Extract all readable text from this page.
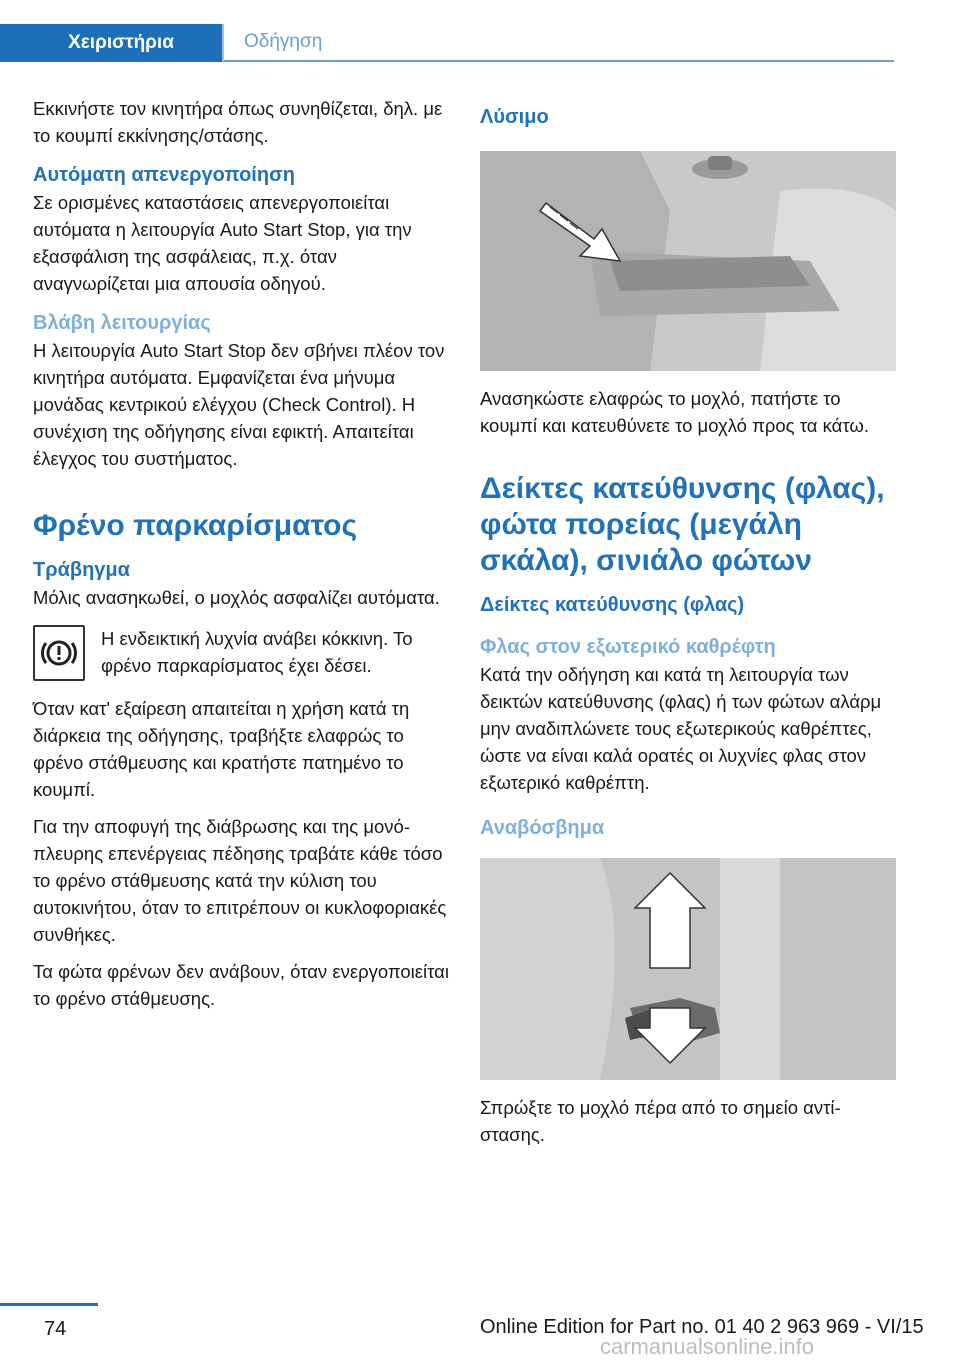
Χειριστήρια	Οδήγηση

Εκκινήστε τον κινητήρα όπως συνηθίζεται, δηλ. με το κουμπί εκκίνησης/στάσης.

Αυτόματη απενεργοποίηση

Σε ορισμένες καταστάσεις απενεργοποιείται αυτόματα η λειτουργία Auto Start Stop, για την εξασφάλιση της ασφάλειας, π.χ. όταν αναγνωρίζεται μια απουσία οδηγού.

Βλάβη λειτουργίας

Η λειτουργία Auto Start Stop δεν σβήνει πλέον τον κινητήρα αυτόματα. Εμφανίζεται ένα μήνυμα μονάδας κεντρικού ελέγχου (Check Control). Η συνέχιση της οδήγησης είναι εφικτή. Απαιτείται έλεγχος του συστήματος.

Φρένο παρκαρίσματος
Τράβηγμα

Μόλις ανασηκωθεί, ο μοχλός ασφαλίζει αυτόματα.

Η ενδεικτική λυχνία ανάβει κόκκινη. Το φρένο παρκαρίσματος έχει δέσει.

Όταν κατ' εξαίρεση απαιτείται η χρήση κατά τη διάρκεια της οδήγησης, τραβήξτε ελαφρώς το φρένο στάθμευσης και κρατήστε πατημένο το κουμπί.

Για την αποφυγή της διάβρωσης και της μονόπλευρης επενέργειας πέδησης τραβάτε κάθε τόσο το φρένο στάθμευσης κατά την κύλιση του αυτοκινήτου, όταν το επιτρέπουν οι κυκλοφοριακές συνθήκες.

Τα φώτα φρένων δεν ανάβουν, όταν ενεργοποιείται το φρένο στάθμευσης.

Λύσιμο

Ανασηκώστε ελαφρώς το μοχλό, πατήστε το κουμπί και κατευθύνετε το μοχλό προς τα κάτω.

Δείκτες κατεύθυνσης (φλας), φώτα πορείας (μεγάλη σκάλα), σινιάλο φώτων
Δείκτες κατεύθυνσης (φλας)
Φλας στον εξωτερικό καθρέφτη

Κατά την οδήγηση και κατά τη λειτουργία των δεικτών κατεύθυνσης (φλας) ή των φώτων αλάρμ μην αναδιπλώνετε τους εξωτερικούς καθρέπτες, ώστε να είναι καλά ορατές οι λυχνίες φλας στον εξωτερικό καθρέπτη.

Αναβόσβημα

Σπρώξτε το μοχλό πέρα από το σημείο αντίστασης.

74	Online Edition for Part no. 01 40 2 963 969 - VI/15
carmanualsonline.info
